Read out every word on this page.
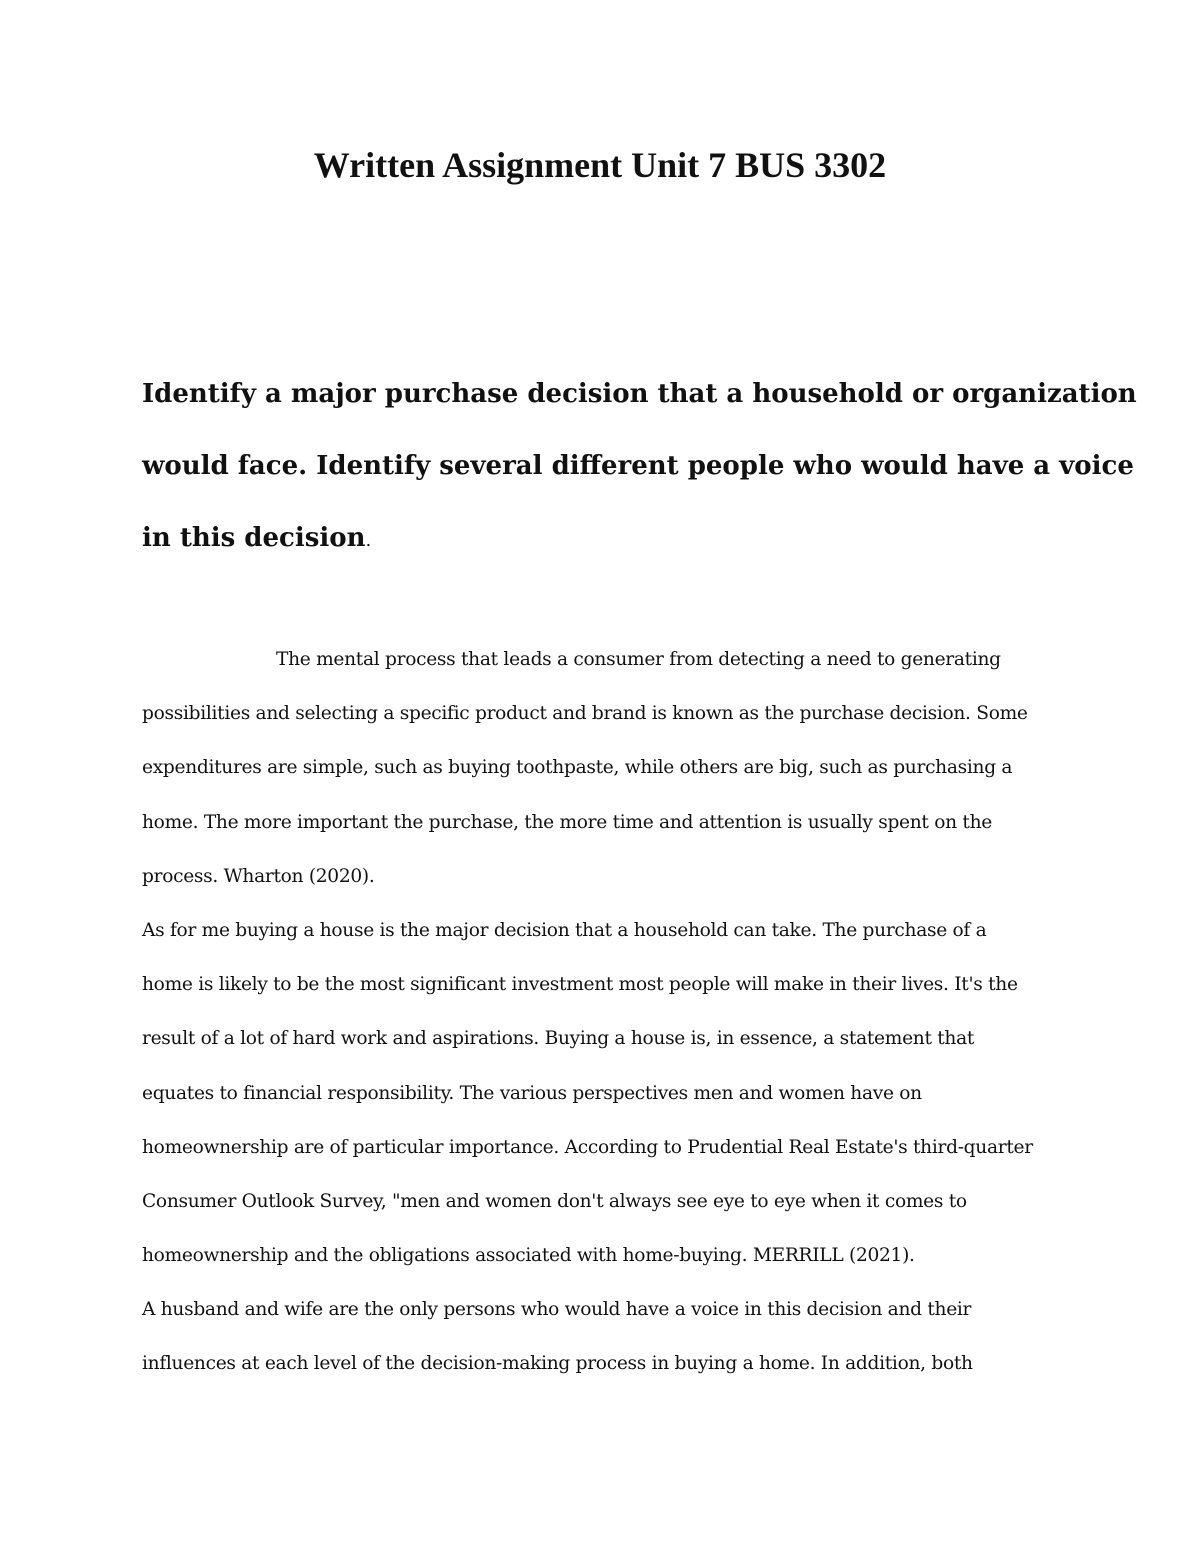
Written Assignment Unit 7 BUS 3302
Identify a major purchase decision that a household or organization
would face. Identify several different people who would have a voice
in this decision.
The mental process that leads a consumer from detecting a need to generating
possibilities and selecting a specific product and brand is known as the purchase decision. Some
expenditures are simple, such as buying toothpaste, while others are big, such as purchasing a
home. The more important the purchase, the more time and attention is usually spent on the
process. Wharton (2020).
As for me buying a house is the major decision that a household can take. The purchase of a
home is likely to be the most significant investment most people will make in their lives. It's the
result of a lot of hard work and aspirations. Buying a house is, in essence, a statement that
equates to financial responsibility. The various perspectives men and women have on
homeownership are of particular importance. According to Prudential Real Estate's third-quarter
Consumer Outlook Survey, "men and women don't always see eye to eye when it comes to
homeownership and the obligations associated with home-buying. MERRILL (2021).
A husband and wife are the only persons who would have a voice in this decision and their
influences at each level of the decision-making process in buying a home. In addition, both
